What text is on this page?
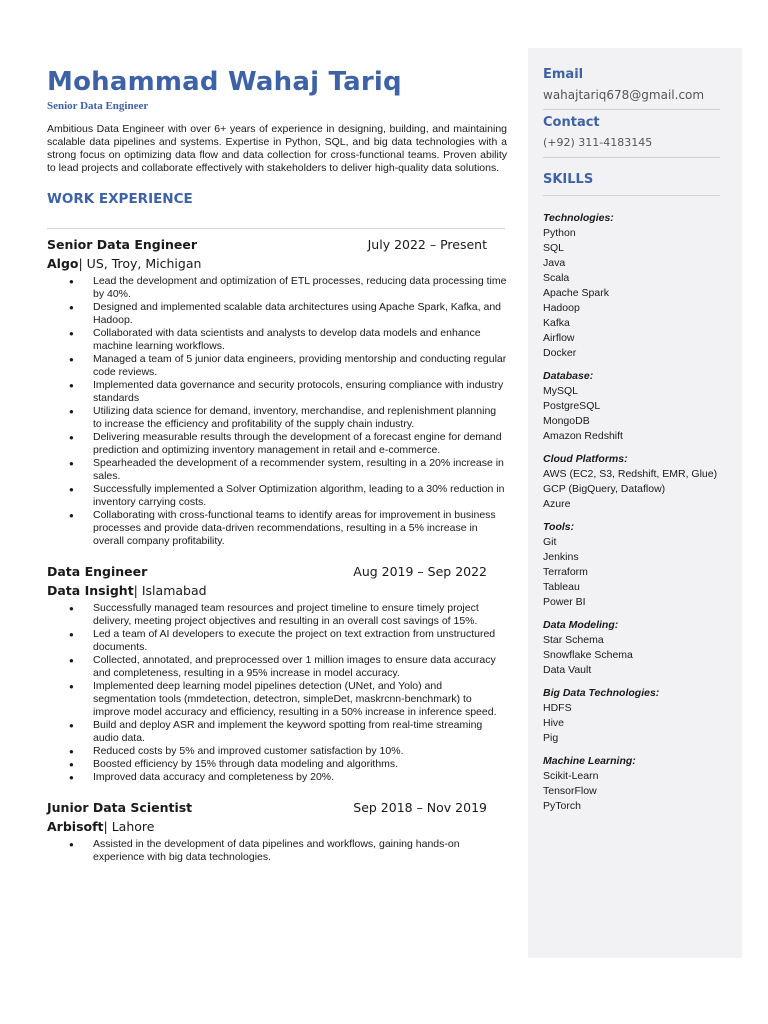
Mohammad Wahaj Tariq
Senior Data Engineer
Ambitious Data Engineer with over 6+ years of experience in designing, building, and maintaining scalable data pipelines and systems. Expertise in Python, SQL, and big data technologies with a strong focus on optimizing data flow and data collection for cross-functional teams. Proven ability to lead projects and collaborate effectively with stakeholders to deliver high-quality data solutions.
WORK EXPERIENCE
Senior Data Engineer	July 2022 – Present
Algo| US, Troy, Michigan
● Lead the development and optimization of ETL processes, reducing data processing time by 40%.
● Designed and implemented scalable data architectures using Apache Spark, Kafka, and Hadoop.
● Collaborated with data scientists and analysts to develop data models and enhance machine learning workflows.
● Managed a team of 5 junior data engineers, providing mentorship and conducting regular code reviews.
● Implemented data governance and security protocols, ensuring compliance with industry standards
● Utilizing data science for demand, inventory, merchandise, and replenishment planning to increase the efficiency and profitability of the supply chain industry.
● Delivering measurable results through the development of a forecast engine for demand prediction and optimizing inventory management in retail and e-commerce.
● Spearheaded the development of a recommender system, resulting in a 20% increase in sales.
● Successfully implemented a Solver Optimization algorithm, leading to a 30% reduction in inventory carrying costs.
● Collaborating with cross-functional teams to identify areas for improvement in business processes and provide data-driven recommendations, resulting in a 5% increase in overall company profitability.
Data Engineer	Aug 2019 – Sep 2022
Data Insight| Islamabad
● Successfully managed team resources and project timeline to ensure timely project delivery, meeting project objectives and resulting in an overall cost savings of 15%.
● Led a team of AI developers to execute the project on text extraction from unstructured documents.
● Collected, annotated, and preprocessed over 1 million images to ensure data accuracy and completeness, resulting in a 95% increase in model accuracy.
● Implemented deep learning model pipelines detection (UNet, and Yolo) and segmentation tools (mmdetection, detectron, simpleDet, maskrcnn-benchmark) to improve model accuracy and efficiency, resulting in a 50% increase in inference speed.
● Build and deploy ASR and implement the keyword spotting from real-time streaming audio data.
● Reduced costs by 5% and improved customer satisfaction by 10%.
● Boosted efficiency by 15% through data modeling and algorithms.
● Improved data accuracy and completeness by 20%.
Junior Data Scientist	Sep 2018 – Nov 2019
Arbisoft| Lahore
● Assisted in the development of data pipelines and workflows, gaining hands-on experience with big data technologies.
Email
wahajtariq678@gmail.com
Contact
(+92) 311-4183145
SKILLS
Technologies:
Python
SQL
Java
Scala
Apache Spark
Hadoop
Kafka
Airflow
Docker
Database:
MySQL
PostgreSQL
MongoDB
Amazon Redshift
Cloud Platforms:
AWS (EC2, S3, Redshift, EMR, Glue)
GCP (BigQuery, Dataflow)
Azure
Tools:
Git
Jenkins
Terraform
Tableau
Power BI
Data Modeling:
Star Schema
Snowflake Schema
Data Vault
Big Data Technologies:
HDFS
Hive
Pig
Machine Learning:
Scikit-Learn
TensorFlow
PyTorch
